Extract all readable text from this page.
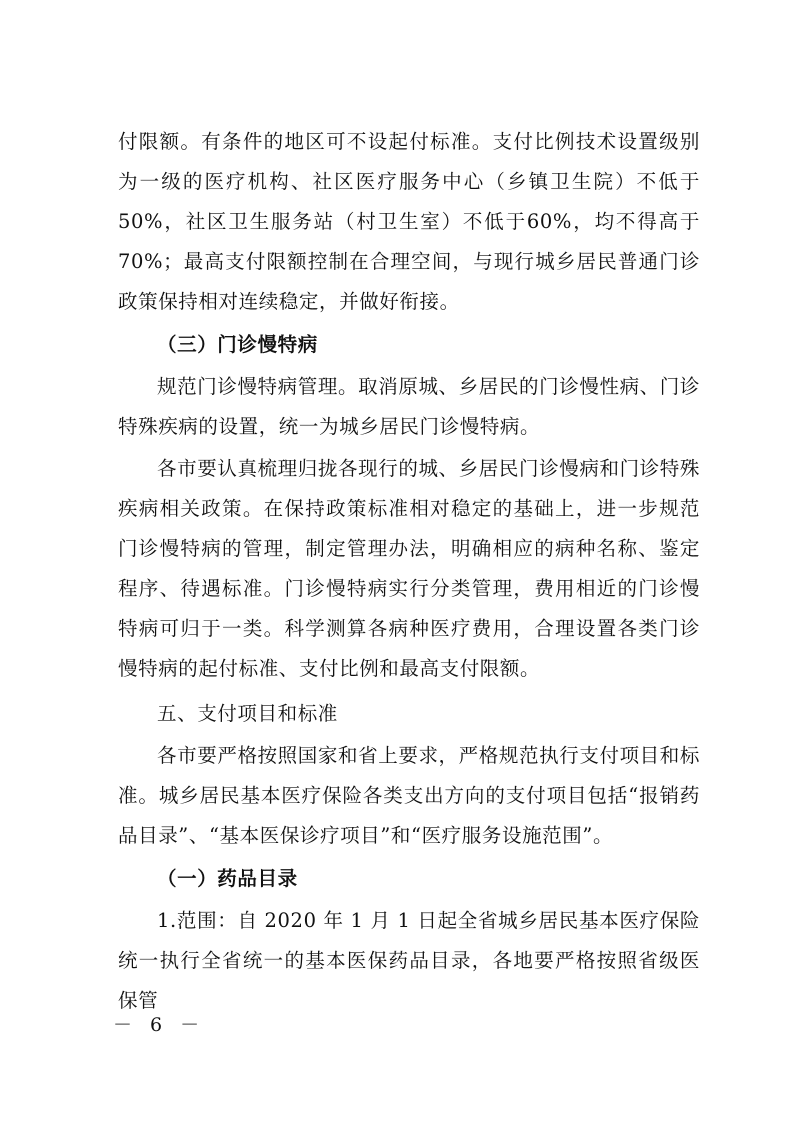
付限额。有条件的地区可不设起付标准。支付比例技术设置级别为一级的医疗机构、社区医疗服务中心（乡镇卫生院）不低于50%，社区卫生服务站（村卫生室）不低于60%，均不得高于70%；最高支付限额控制在合理空间，与现行城乡居民普通门诊政策保持相对连续稳定，并做好衔接。
（三）门诊慢特病
规范门诊慢特病管理。取消原城、乡居民的门诊慢性病、门诊特殊疾病的设置，统一为城乡居民门诊慢特病。
各市要认真梳理归拢各现行的城、乡居民门诊慢病和门诊特殊疾病相关政策。在保持政策标准相对稳定的基础上，进一步规范门诊慢特病的管理，制定管理办法，明确相应的病种名称、鉴定程序、待遇标准。门诊慢特病实行分类管理，费用相近的门诊慢特病可归于一类。科学测算各病种医疗费用，合理设置各类门诊慢特病的起付标准、支付比例和最高支付限额。
五、支付项目和标准
各市要严格按照国家和省上要求，严格规范执行支付项目和标准。城乡居民基本医疗保险各类支出方向的支付项目包括“报销药品目录”、“基本医保诊疗项目”和“医疗服务设施范围”。
（一）药品目录
1.范围：自 2020 年 1 月 1 日起全省城乡居民基本医疗保险统一执行全省统一的基本医保药品目录，各地要严格按照省级医保管
－ 6 －
